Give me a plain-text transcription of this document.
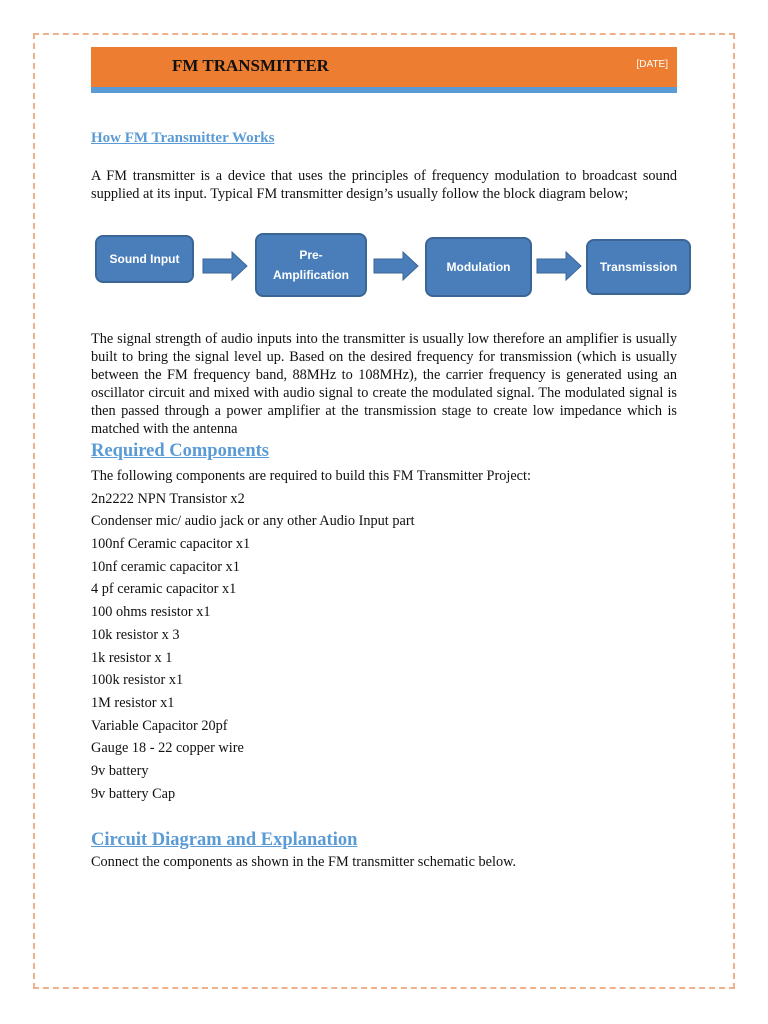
FM TRANSMITTER	[DATE]
How FM Transmitter Works
A FM transmitter is a device that uses the principles of frequency modulation to broadcast sound supplied at its input. Typical FM transmitter design’s usually follow the block diagram below;
Sound Input	Pre-Amplification
Modulation	Transmission
The signal strength of audio inputs into the transmitter is usually low therefore an amplifier is usually built to bring the signal level up. Based on the desired frequency for transmission (which is usually between the FM frequency band, 88MHz to 108MHz), the carrier frequency is generated using an oscillator circuit and mixed with audio signal to create the modulated signal. The modulated signal is then passed through a power amplifier at the transmission stage to create low impedance which is matched with the antenna
Required Components
The following components are required to build this FM Transmitter Project:
2n2222 NPN Transistor x2
Condenser mic/ audio jack or any other Audio Input part
100nf Ceramic capacitor x1
10nf ceramic capacitor x1
4 pf ceramic capacitor x1
100 ohms resistor x1
10k resistor x 3
1k resistor x 1
100k resistor x1
1M resistor x1
Variable Capacitor 20pf
Gauge 18 - 22 copper wire
9v battery
9v battery Cap
Circuit Diagram and Explanation
Connect the components as shown in the FM transmitter schematic below.
